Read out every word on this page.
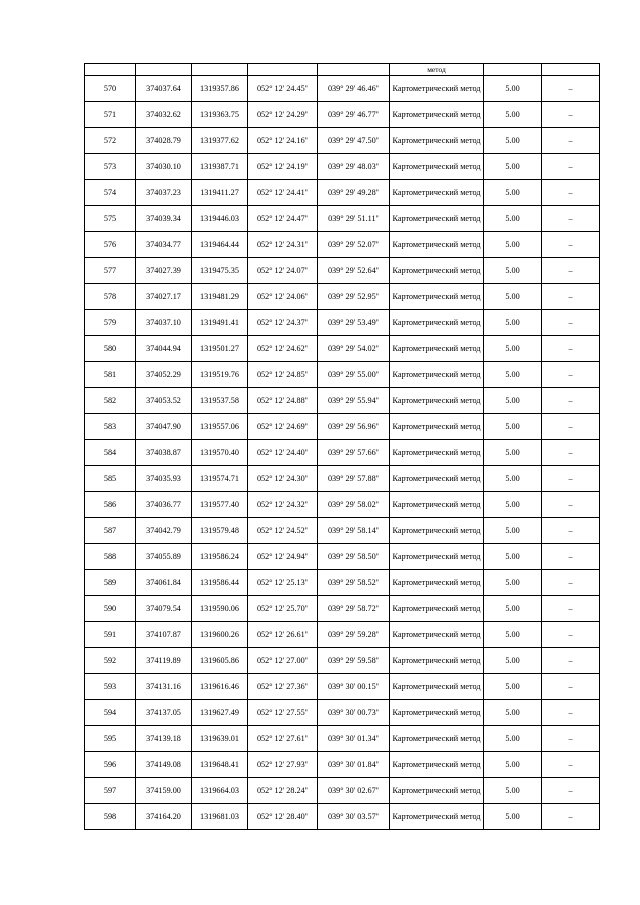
					метод		
570	374037.64	1319357.86	052° 12' 24.45"	039° 29' 46.46"	Картометрический метод	5.00	–
571	374032.62	1319363.75	052° 12' 24.29"	039° 29' 46.77"	Картометрический метод	5.00	–
572	374028.79	1319377.62	052° 12' 24.16"	039° 29' 47.50"	Картометрический метод	5.00	–
573	374030.10	1319387.71	052° 12' 24.19"	039° 29' 48.03"	Картометрический метод	5.00	–
574	374037.23	1319411.27	052° 12' 24.41"	039° 29' 49.28"	Картометрический метод	5.00	–
575	374039.34	1319446.03	052° 12' 24.47"	039° 29' 51.11"	Картометрический метод	5.00	–
576	374034.77	1319464.44	052° 12' 24.31"	039° 29' 52.07"	Картометрический метод	5.00	–
577	374027.39	1319475.35	052° 12' 24.07"	039° 29' 52.64"	Картометрический метод	5.00	–
578	374027.17	1319481.29	052° 12' 24.06"	039° 29' 52.95"	Картометрический метод	5.00	–
579	374037.10	1319491.41	052° 12' 24.37"	039° 29' 53.49"	Картометрический метод	5.00	–
580	374044.94	1319501.27	052° 12' 24.62"	039° 29' 54.02"	Картометрический метод	5.00	–
581	374052.29	1319519.76	052° 12' 24.85"	039° 29' 55.00"	Картометрический метод	5.00	–
582	374053.52	1319537.58	052° 12' 24.88"	039° 29' 55.94"	Картометрический метод	5.00	–
583	374047.90	1319557.06	052° 12' 24.69"	039° 29' 56.96"	Картометрический метод	5.00	–
584	374038.87	1319570.40	052° 12' 24.40"	039° 29' 57.66"	Картометрический метод	5.00	–
585	374035.93	1319574.71	052° 12' 24.30"	039° 29' 57.88"	Картометрический метод	5.00	–
586	374036.77	1319577.40	052° 12' 24.32"	039° 29' 58.02"	Картометрический метод	5.00	–
587	374042.79	1319579.48	052° 12' 24.52"	039° 29' 58.14"	Картометрический метод	5.00	–
588	374055.89	1319586.24	052° 12' 24.94"	039° 29' 58.50"	Картометрический метод	5.00	–
589	374061.84	1319586.44	052° 12' 25.13"	039° 29' 58.52"	Картометрический метод	5.00	–
590	374079.54	1319590.06	052° 12' 25.70"	039° 29' 58.72"	Картометрический метод	5.00	–
591	374107.87	1319600.26	052° 12' 26.61"	039° 29' 59.28"	Картометрический метод	5.00	–
592	374119.89	1319605.86	052° 12' 27.00"	039° 29' 59.58"	Картометрический метод	5.00	–
593	374131.16	1319616.46	052° 12' 27.36"	039° 30' 00.15"	Картометрический метод	5.00	–
594	374137.05	1319627.49	052° 12' 27.55"	039° 30' 00.73"	Картометрический метод	5.00	–
595	374139.18	1319639.01	052° 12' 27.61"	039° 30' 01.34"	Картометрический метод	5.00	–
596	374149.08	1319648.41	052° 12' 27.93"	039° 30' 01.84"	Картометрический метод	5.00	–
597	374159.00	1319664.03	052° 12' 28.24"	039° 30' 02.67"	Картометрический метод	5.00	–
598	374164.20	1319681.03	052° 12' 28.40"	039° 30' 03.57"	Картометрический метод	5.00	–
